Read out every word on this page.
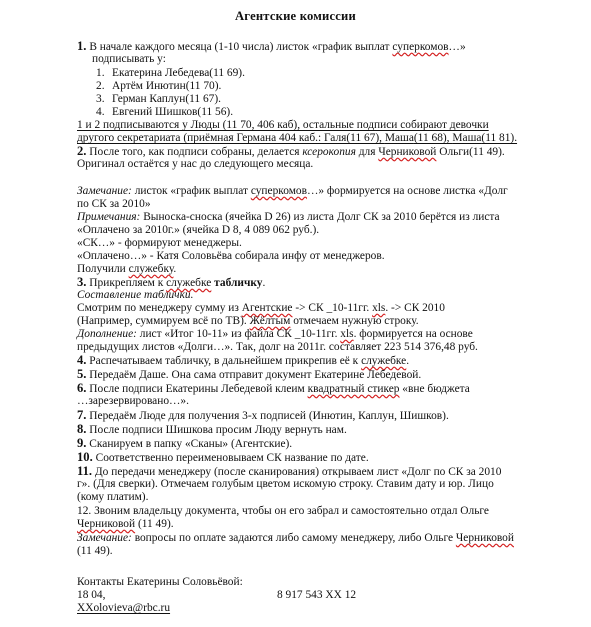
Агентские комиссии
1. В начале каждого месяца (1-10 числа) листок «график выплат суперкомов…»
подписывать у:
1. Екатерина Лебедева(11 69).
2. Артём Инютин(11 70).
3. Герман Каплун(11 67).
4. Евгений Шишков(11 56).
1 и 2 подписываются у Люды (11 70, 406 каб), остальные подписи собирают девочки
другого секретариата (приёмная Германа 404 каб.: Галя(11 67), Маша(11 68), Маша(11 81).
2. После того, как подписи собраны, делается ксерокопия для Черниковой Ольги(11 49).
Оригинал остаётся у нас до следующего месяца.
Замечание: листок «график выплат суперкомов…» формируется на основе листка «Долг
по СК за 2010»
Примечания: Выноска-сноска (ячейка D 26) из листа Долг СК за 2010 берётся из листа
«Оплачено за 2010г.» (ячейка D 8, 4 089 062 руб.).
«СК…» - формируют менеджеры.
«Оплачено…» - Катя Соловьёва собирала инфу от менеджеров.
Получили служебку.
3. Прикрепляем к служебке табличку.
Составление таблички.
Смотрим по менеджеру сумму из Агентские -> СК _10-11гг. xls. -> СК 2010
(Например, суммируем всё по ТВ). Жёлтым отмечаем нужную строку.
Дополнение: лист «Итог 10-11» из файла СК _10-11гг. xls. формируется на основе
предыдущих листов «Долги…». Так, долг на 2011г. составляет 223 514 376,48 руб.
4. Распечатываем табличку, в дальнейшем прикрепив её к служебке.
5. Передаём Даше. Она сама отправит документ Екатерине Лебедевой.
6. После подписи Екатерины Лебедевой клеим квадратный стикер «вне бюджета
…зарезервировано…».
7. Передаём Люде для получения 3-х подписей (Инютин, Каплун, Шишков).
8. После подписи Шишкова просим Люду вернуть нам.
9. Сканируем в папку «Сканы» (Агентские).
10. Соответственно переименовываем СК название по дате.
11. До передачи менеджеру (после сканирования) открываем лист «Долг по СК за 2010
г». (Для сверки). Отмечаем голубым цветом искомую строку. Ставим дату и юр. Лицо
(кому платим).
12. Звоним владельцу документа, чтобы он его забрал и самостоятельно отдал Ольге
Черниковой (11 49).
Замечание: вопросы по оплате задаются либо самому менеджеру, либо Ольге Черниковой
(11 49).
Контакты Екатерины Соловьёвой:
18 04,	8 917 543 XX 12
XXolovieva@rbc.ru
